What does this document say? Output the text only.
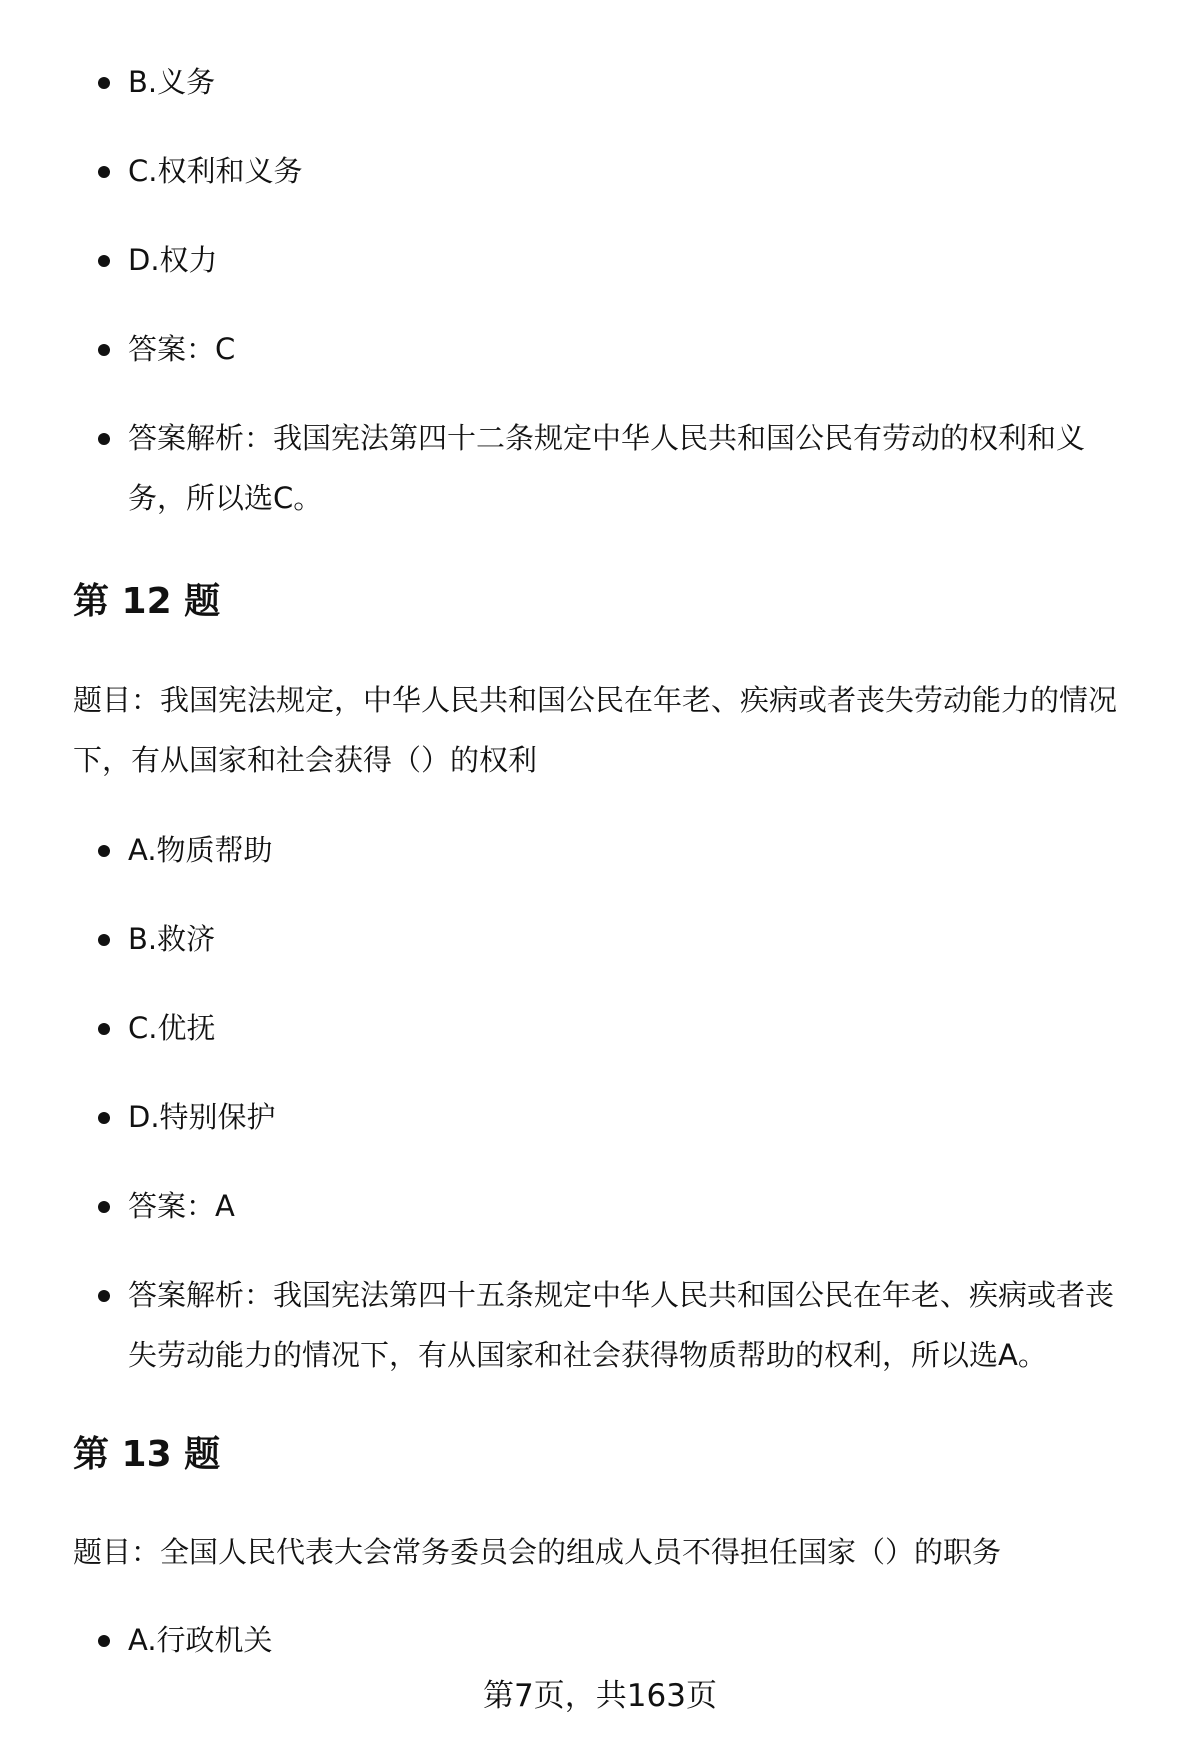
B.义务
C.权利和义务
D.权力
答案：C
答案解析：我国宪法第四十二条规定中华人民共和国公民有劳动的权利和义务，所以选C。
第 12 题

题目：我国宪法规定，中华人民共和国公民在年老、疾病或者丧失劳动能力的情况下，有从国家和社会获得（）的权利

A.物质帮助
B.救济
C.优抚
D.特别保护
答案：A
答案解析：我国宪法第四十五条规定中华人民共和国公民在年老、疾病或者丧失劳动能力的情况下，有从国家和社会获得物质帮助的权利，所以选A。
第 13 题

题目：全国人民代表大会常务委员会的组成人员不得担任国家（）的职务

A.行政机关
第7页，共163页
